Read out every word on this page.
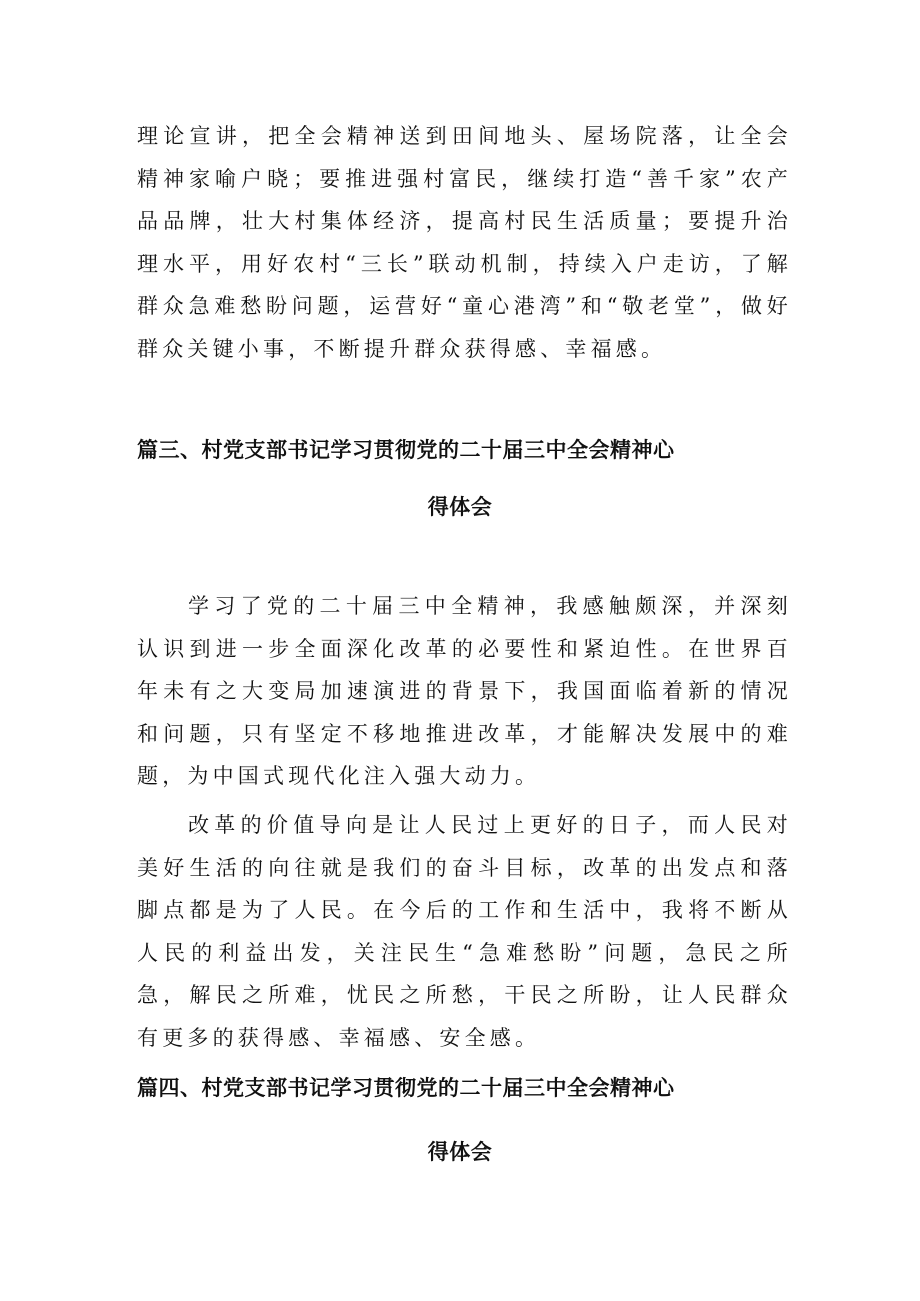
理论宣讲，把全会精神送到田间地头、屋场院落，让全会精神家喻户晓；要推进强村富民，继续打造“善千家”农产品品牌，壮大村集体经济，提高村民生活质量；要提升治理水平，用好农村“三长”联动机制，持续入户走访，了解群众急难愁盼问题，运营好“童心港湾”和“敬老堂”，做好群众关键小事，不断提升群众获得感、幸福感。

篇三、村党支部书记学习贯彻党的二十届三中全会精神心
得体会

学习了党的二十届三中全精神，我感触颇深，并深刻认识到进一步全面深化改革的必要性和紧迫性。在世界百年未有之大变局加速演进的背景下，我国面临着新的情况和问题，只有坚定不移地推进改革，才能解决发展中的难题，为中国式现代化注入强大动力。

改革的价值导向是让人民过上更好的日子，而人民对美好生活的向往就是我们的奋斗目标，改革的出发点和落脚点都是为了人民。在今后的工作和生活中，我将不断从人民的利益出发，关注民生“急难愁盼”问题，急民之所急，解民之所难，忧民之所愁，干民之所盼，让人民群众有更多的获得感、幸福感、安全感。

篇四、村党支部书记学习贯彻党的二十届三中全会精神心
得体会
